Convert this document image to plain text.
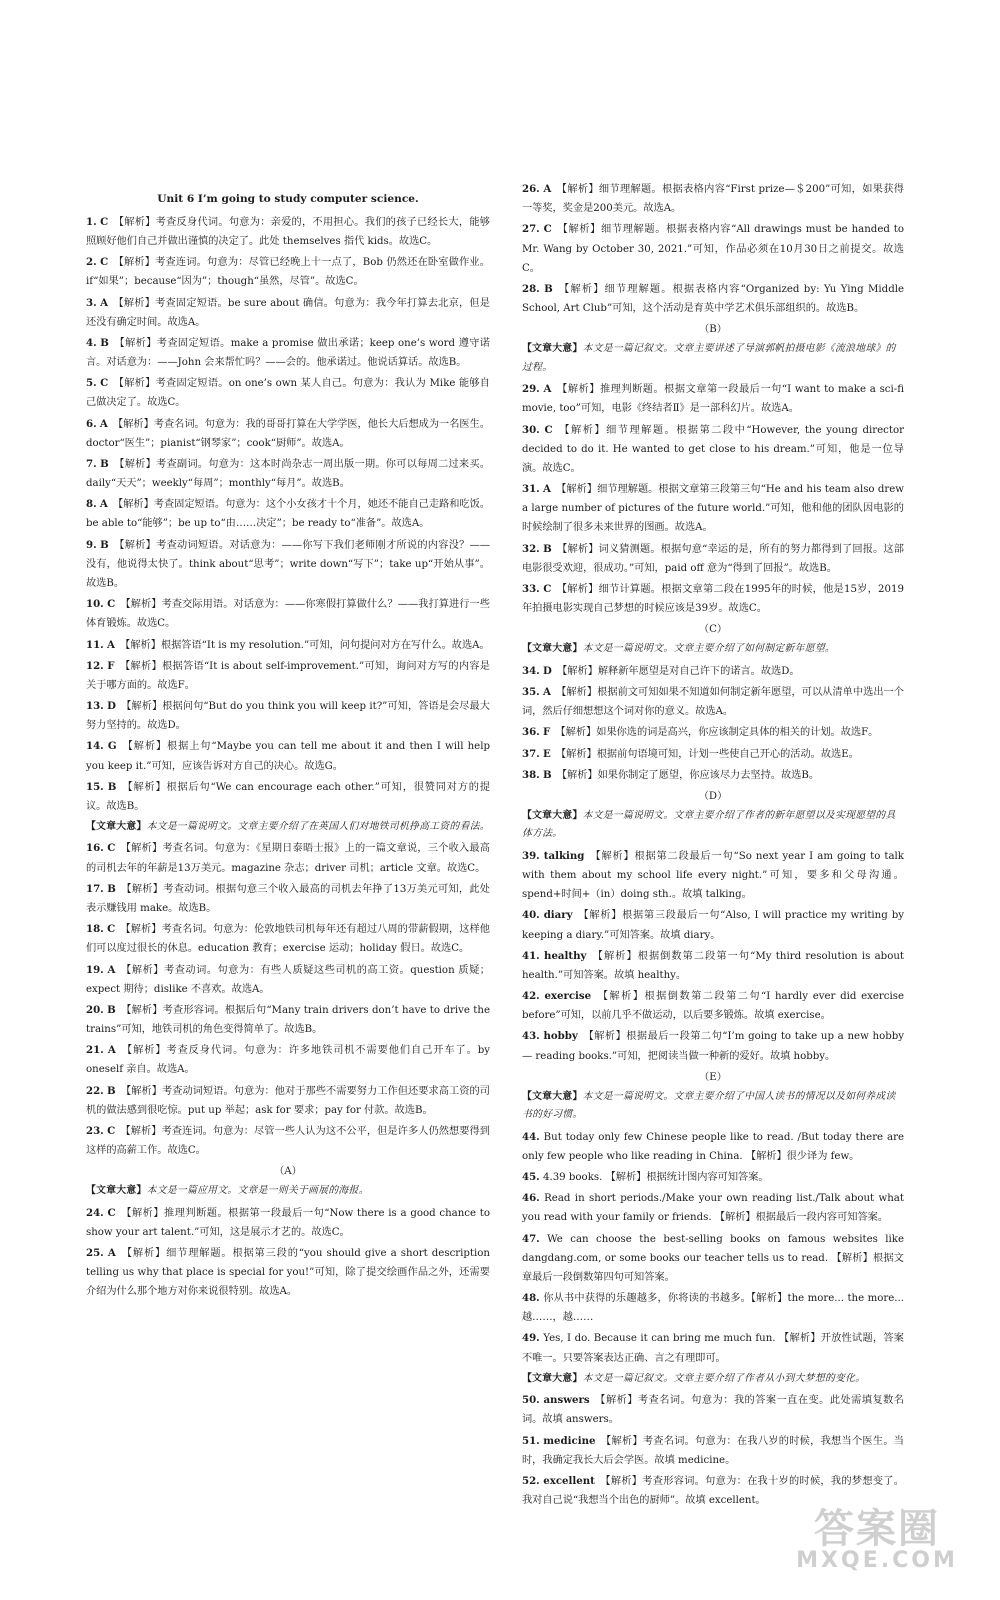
Unit 6 I’m going to study computer science.
1. C 【解析】考查反身代词。句意为：亲爱的，不用担心。我们的孩子已经长大，能够照顾好他们自己并做出谨慎的决定了。此处 themselves 指代 kids。故选C。
2. C 【解析】考查连词。句意为：尽管已经晚上十一点了，Bob 仍然还在卧室做作业。if“如果”；because“因为”；though“虽然，尽管”。故选C。
3. A 【解析】考查固定短语。be sure about 确信。句意为：我今年打算去北京，但是还没有确定时间。故选A。
4. B 【解析】考查固定短语。make a promise 做出承诺；keep one’s word 遵守诺言。对话意为：——John 会来帮忙吗？——会的。他承诺过。他说话算话。故选B。
5. C 【解析】考查固定短语。on one’s own 某人自己。句意为：我认为 Mike 能够自己做决定了。故选C。
6. A 【解析】考查名词。句意为：我的哥哥打算在大学学医，他长大后想成为一名医生。doctor“医生”；pianist“钢琴家”；cook“厨师”。故选A。
7. B 【解析】考查副词。句意为：这本时尚杂志一周出版一期。你可以每周二过来买。daily“天天”；weekly“每周”；monthly“每月”。故选B。
8. A 【解析】考查固定短语。句意为：这个小女孩才十个月，她还不能自己走路和吃饭。be able to“能够”；be up to“由……决定”；be ready to“准备”。故选A。
9. B 【解析】考查动词短语。对话意为：——你写下我们老师刚才所说的内容没？——没有，他说得太快了。think about“思考”；write down“写下”；take up“开始从事”。故选B。
10. C 【解析】考查交际用语。对话意为：——你寒假打算做什么？——我打算进行一些体育锻炼。故选C。
11. A 【解析】根据答语“It is my resolution.”可知，问句提问对方在写什么。故选A。
12. F 【解析】根据答语“It is about self-improvement.”可知，询问对方写的内容是关于哪方面的。故选F。
13. D 【解析】根据问句“But do you think you will keep it?”可知，答语是会尽最大努力坚持的。故选D。
14. G 【解析】根据上句“Maybe you can tell me about it and then I will help you keep it.”可知，应该告诉对方自己的决心。故选G。
15. B 【解析】根据后句“We can encourage each other.”可知，很赞同对方的提议。故选B。
【文章大意】本文是一篇说明文。文章主要介绍了在英国人们对地铁司机挣高工资的看法。
16. C 【解析】考查名词。句意为：《星期日泰晤士报》上的一篇文章说，三个收入最高的司机去年的年薪是13万美元。magazine 杂志；driver 司机；article 文章。故选C。
17. B 【解析】考查动词。根据句意三个收入最高的司机去年挣了13万美元可知，此处表示赚钱用 make。故选B。
18. C 【解析】考查名词。句意为：伦敦地铁司机每年还有超过八周的带薪假期，这样他们可以度过很长的休息。education 教育；exercise 运动；holiday 假日。故选C。
19. A 【解析】考查动词。句意为：有些人质疑这些司机的高工资。question 质疑；expect 期待；dislike 不喜欢。故选A。
20. B 【解析】考查形容词。根据后句“Many train drivers don’t have to drive the trains”可知，地铁司机的角色变得简单了。故选B。
21. A 【解析】考查反身代词。句意为：许多地铁司机不需要他们自己开车了。by oneself 亲自。故选A。
22. B 【解析】考查动词短语。句意为：他对于那些不需要努力工作但还要求高工资的司机的做法感到很吃惊。put up 举起；ask for 要求；pay for 付款。故选B。
23. C 【解析】考查连词。句意为：尽管一些人认为这不公平，但是许多人仍然想要得到这样的高薪工作。故选C。
（A）
【文章大意】本文是一篇应用文。文章是一则关于画展的海报。
24. C 【解析】推理判断题。根据第一段最后一句“Now there is a good chance to show your art talent.”可知，这是展示才艺的。故选C。
25. A 【解析】细节理解题。根据第三段的“you should give a short description telling us why that place is special for you!”可知，除了提交绘画作品之外，还需要介绍为什么那个地方对你来说很特别。故选A。
26. A 【解析】细节理解题。根据表格内容“First prize—＄200”可知，如果获得一等奖，奖金是200美元。故选A。
27. C 【解析】细节理解题。根据表格内容“All drawings must be handed to Mr. Wang by October 30, 2021.”可知，作品必须在10月30日之前提交。故选C。
28. B 【解析】细节理解题。根据表格内容“Organized by: Yu Ying Middle School, Art Club”可知，这个活动是育英中学艺术俱乐部组织的。故选B。
（B）
【文章大意】本文是一篇记叙文。文章主要讲述了导演郭帆拍摄电影《流浪地球》的过程。
29. A 【解析】推理判断题。根据文章第一段最后一句“I want to make a sci-fi movie, too”可知，电影《终结者Ⅱ》是一部科幻片。故选A。
30. C 【解析】细节理解题。根据第二段中“However, the young director decided to do it. He wanted to get close to his dream.”可知，他是一位导演。故选C。
31. A 【解析】细节理解题。根据文章第三段第三句“He and his team also drew a large number of pictures of the future world.”可知，他和他的团队因电影的时候绘制了很多未来世界的图画。故选A。
32. B 【解析】词义猜测题。根据句意“幸运的是，所有的努力都得到了回报。这部电影很受欢迎，很成功。”可知，paid off 意为“得到了回报”。故选B。
33. C 【解析】细节计算题。根据文章第二段在1995年的时候，他是15岁，2019年拍摄电影实现自己梦想的时候应该是39岁。故选C。
（C）
【文章大意】本文是一篇说明文。文章主要介绍了如何制定新年愿望。
34. D 【解析】解释新年愿望是对自己许下的诺言。故选D。
35. A 【解析】根据前文可知如果不知道如何制定新年愿望，可以从清单中选出一个词，然后仔细想想这个词对你的意义。故选A。
36. F 【解析】如果你选的词是高兴，你应该制定具体的相关的计划。故选F。
37. E 【解析】根据前句语境可知，计划一些使自己开心的活动。故选E。
38. B 【解析】如果你制定了愿望，你应该尽力去坚持。故选B。
（D）
【文章大意】本文是一篇说明文。文章主要介绍了作者的新年愿望以及实现愿望的具体方法。
39. talking 【解析】根据第二段最后一句“So next year I am going to talk with them about my school life every night.”可知，要多和父母沟通。spend+时间+（in）doing sth.。故填 talking。
40. diary 【解析】根据第三段最后一句“Also, I will practice my writing by keeping a diary.”可知答案。故填 diary。
41. healthy 【解析】根据倒数第二段第一句“My third resolution is about health.”可知答案。故填 healthy。
42. exercise 【解析】根据倒数第二段第二句“I hardly ever did exercise before”可知，以前几乎不做运动，以后要多锻炼。故填 exercise。
43. hobby 【解析】根据最后一段第二句“I’m going to take up a new hobby — reading books.”可知，把阅读当做一种新的爱好。故填 hobby。
（E）
【文章大意】本文是一篇说明文。文章主要介绍了中国人读书的情况以及如何养成读书的好习惯。
44. But today only few Chinese people like to read. /But today there are only few people who like reading in China. 【解析】很少译为 few。
45. 4.39 books. 【解析】根据统计图内容可知答案。
46. Read in short periods./Make your own reading list./Talk about what you read with your family or friends. 【解析】根据最后一段内容可知答案。
47. We can choose the best-selling books on famous websites like dangdang.com, or some books our teacher tells us to read. 【解析】根据文章最后一段倒数第四句可知答案。
48. 你从书中获得的乐趣越多，你将读的书越多。【解析】the more... the more... 越……，越……
49. Yes, I do. Because it can bring me much fun. 【解析】开放性试题，答案不唯一。只要答案表达正确、言之有理即可。
【文章大意】本文是一篇记叙文。文章主要介绍了作者从小到大梦想的变化。
50. answers 【解析】考查名词。句意为：我的答案一直在变。此处需填复数名词。故填 answers。
51. medicine 【解析】考查名词。句意为：在我八岁的时候，我想当个医生。当时，我确定我长大后会学医。故填 medicine。
52. excellent 【解析】考查形容词。句意为：在我十岁的时候，我的梦想变了。我对自己说“我想当个出色的厨师”。故填 excellent。
答案圈
MXQE.COM
